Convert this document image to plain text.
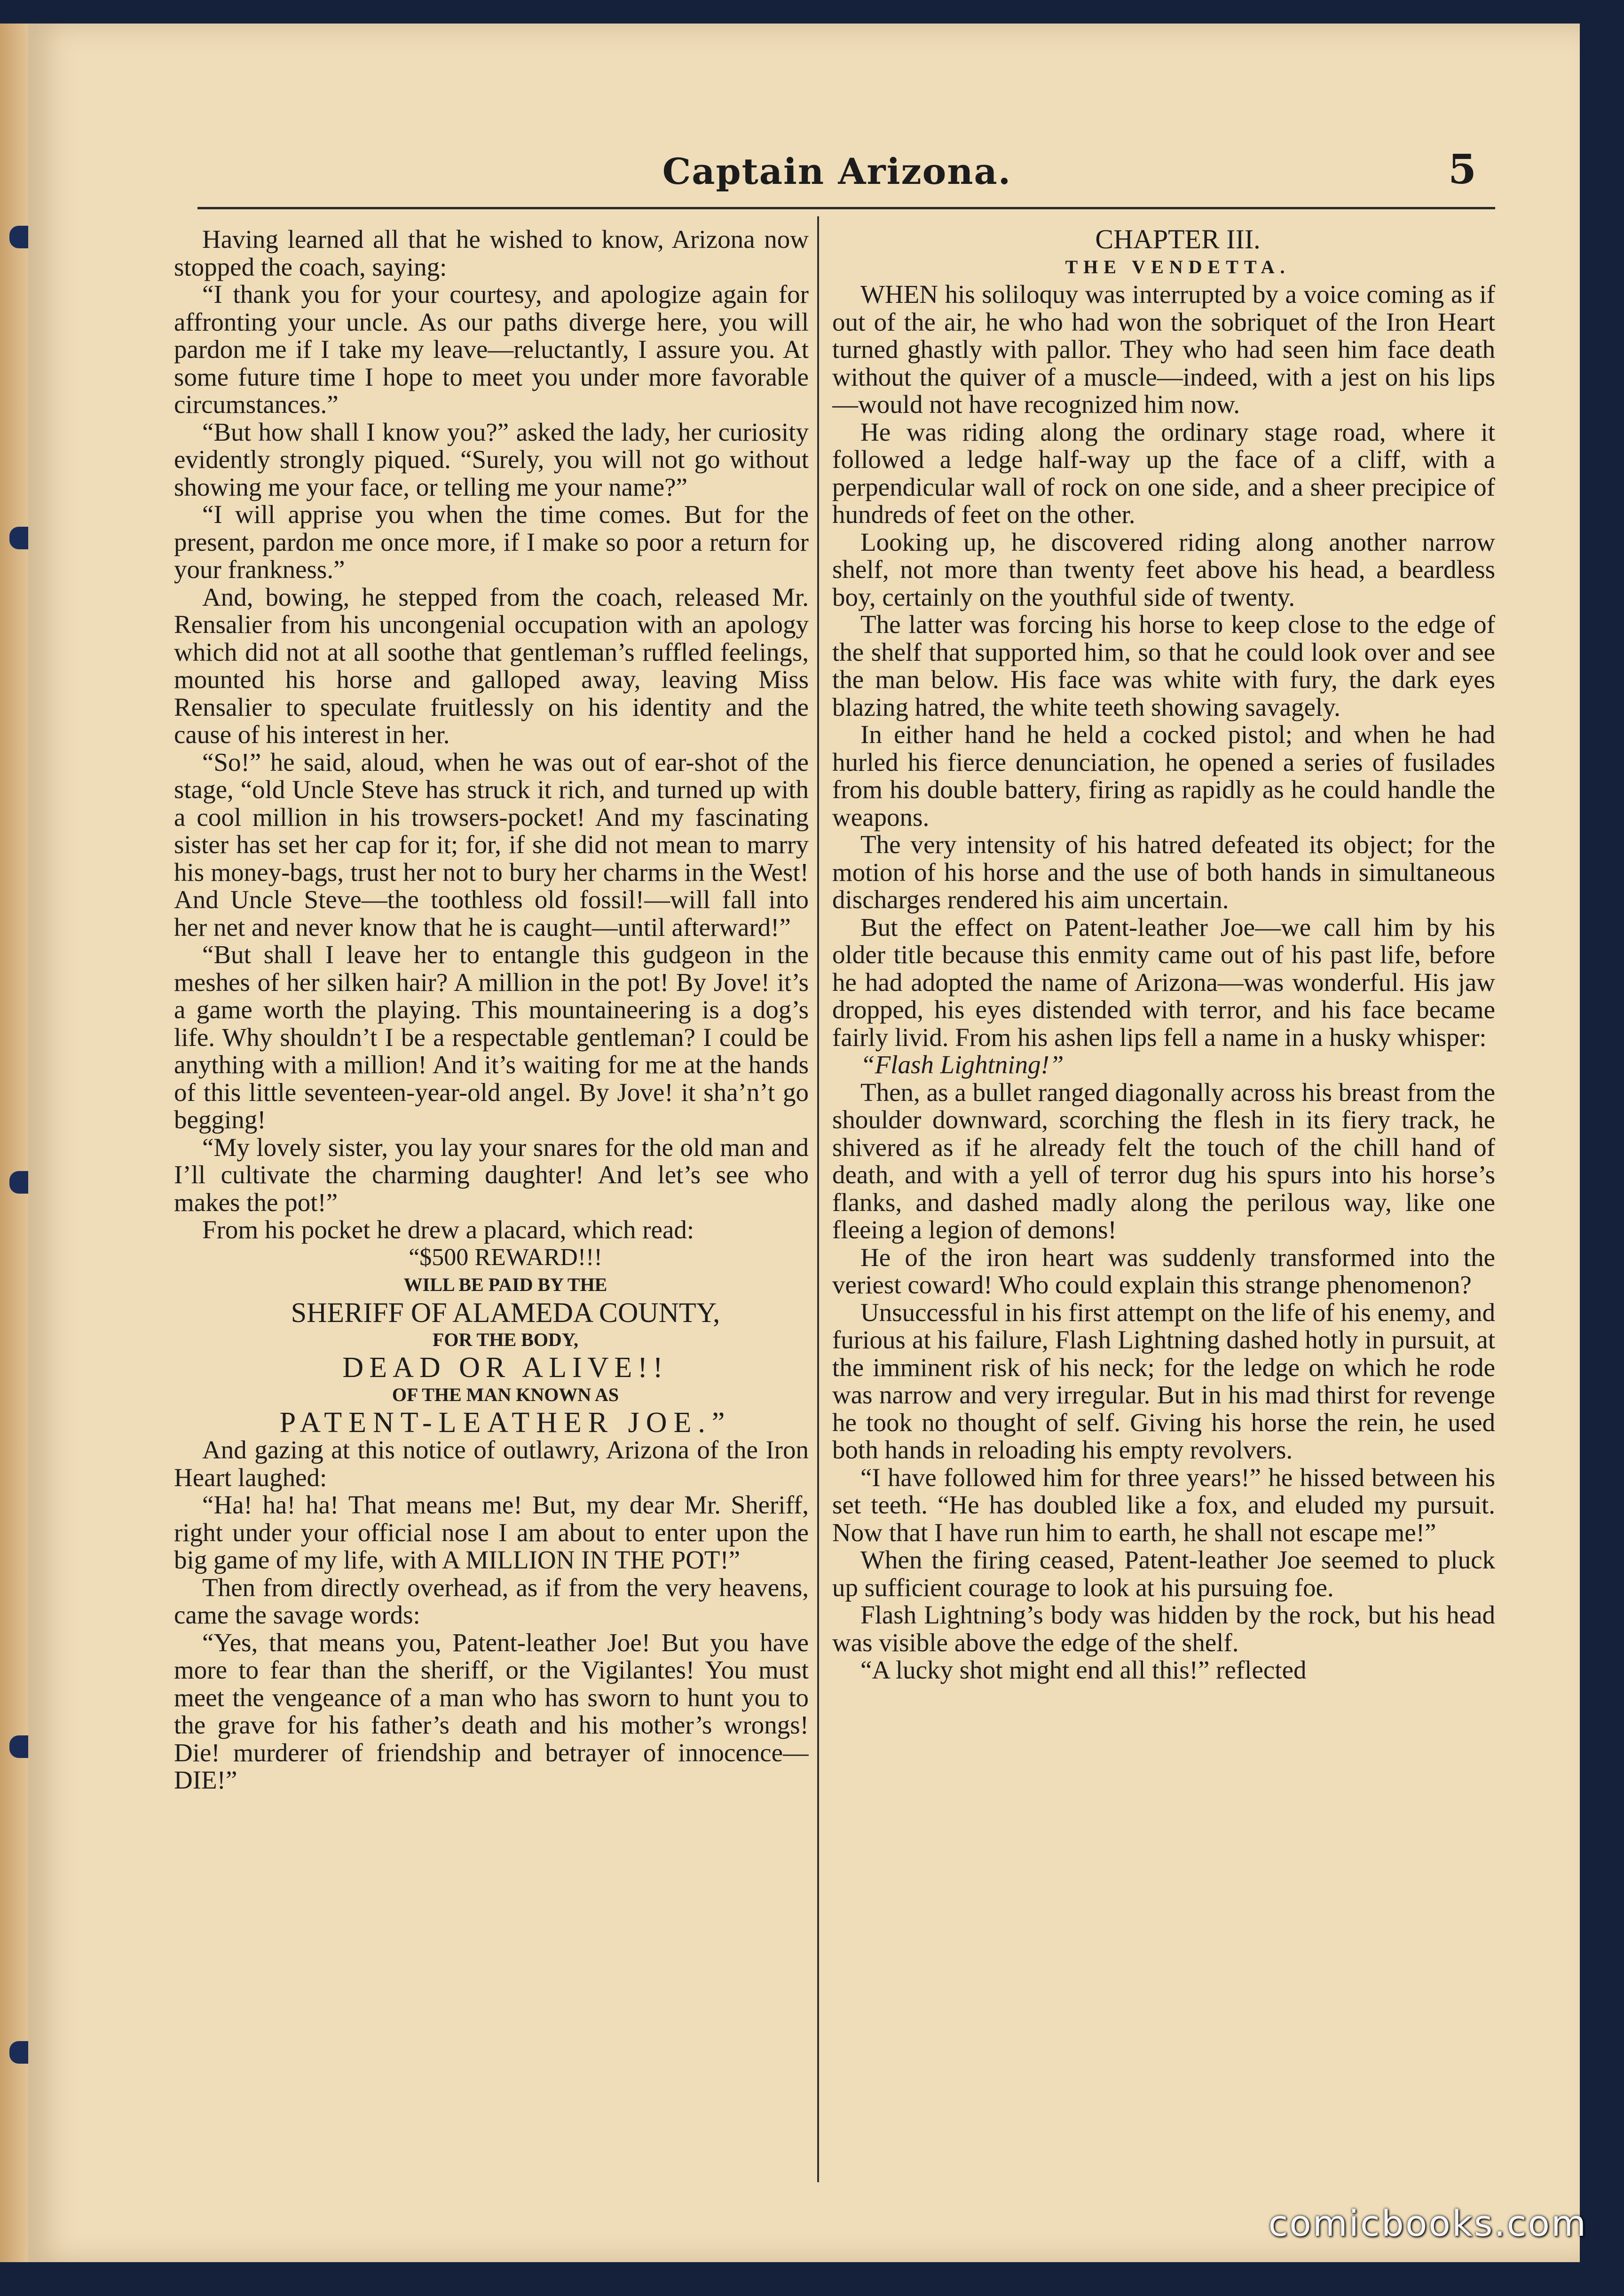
Captain Arizona.	5

Having learned all that he wished to know, Arizona now stopped the coach, saying:

“I thank you for your courtesy, and apologize again for affronting your uncle. As our paths diverge here, you will pardon me if I take my leave—reluctantly, I assure you. At some future time I hope to meet you under more favorable circumstances.”

“But how shall I know you?” asked the lady, her curiosity evidently strongly piqued. “Surely, you will not go without showing me your face, or telling me your name?”

“I will apprise you when the time comes. But for the present, pardon me once more, if I make so poor a return for your frankness.”

And, bowing, he stepped from the coach, released Mr. Rensalier from his uncongenial occupation with an apology which did not at all soothe that gentleman’s ruffled feelings, mounted his horse and galloped away, leaving Miss Rensalier to speculate fruitlessly on his identity and the cause of his interest in her.

“So!” he said, aloud, when he was out of ear-shot of the stage, “old Uncle Steve has struck it rich, and turned up with a cool million in his trowsers-pocket! And my fascinating sister has set her cap for it; for, if she did not mean to marry his money-bags, trust her not to bury her charms in the West! And Uncle Steve—the toothless old fossil!—will fall into her net and never know that he is caught—until afterward!”

“But shall I leave her to entangle this gudgeon in the meshes of her silken hair? A million in the pot! By Jove! it’s a game worth the playing. This mountaineering is a dog’s life. Why shouldn’t I be a respectable gentleman? I could be anything with a million! And it’s waiting for me at the hands of this little seventeen-year-old angel. By Jove! it sha’n’t go begging!

“My lovely sister, you lay your snares for the old man and I’ll cultivate the charming daughter! And let’s see who makes the pot!”

From his pocket he drew a placard, which read:

“$500 REWARD!!!

WILL BE PAID BY THE

SHERIFF OF ALAMEDA COUNTY,

FOR THE BODY,

DEAD OR ALIVE!!

OF THE MAN KNOWN AS

PATENT-LEATHER JOE.”

And gazing at this notice of outlawry, Arizona of the Iron Heart laughed:

“Ha! ha! ha! That means me! But, my dear Mr. Sheriff, right under your official nose I am about to enter upon the big game of my life, with A MILLION IN THE POT!”

Then from directly overhead, as if from the very heavens, came the savage words:

“Yes, that means you, Patent-leather Joe! But you have more to fear than the sheriff, or the Vigilantes! You must meet the vengeance of a man who has sworn to hunt you to the grave for his father’s death and his mother’s wrongs! Die! murderer of friendship and betrayer of innocence—DIE!”

CHAPTER III.

THE VENDETTA.

WHEN his soliloquy was interrupted by a voice coming as if out of the air, he who had won the sobriquet of the Iron Heart turned ghastly with pallor. They who had seen him face death without the quiver of a muscle—indeed, with a jest on his lips—would not have recognized him now.

He was riding along the ordinary stage road, where it followed a ledge half-way up the face of a cliff, with a perpendicular wall of rock on one side, and a sheer precipice of hundreds of feet on the other.

Looking up, he discovered riding along another narrow shelf, not more than twenty feet above his head, a beardless boy, certainly on the youthful side of twenty.

The latter was forcing his horse to keep close to the edge of the shelf that supported him, so that he could look over and see the man below. His face was white with fury, the dark eyes blazing hatred, the white teeth showing savagely.

In either hand he held a cocked pistol; and when he had hurled his fierce denunciation, he opened a series of fusilades from his double battery, firing as rapidly as he could handle the weapons.

The very intensity of his hatred defeated its object; for the motion of his horse and the use of both hands in simultaneous discharges rendered his aim uncertain.

But the effect on Patent-leather Joe—we call him by his older title because this enmity came out of his past life, before he had adopted the name of Arizona—was wonderful. His jaw dropped, his eyes distended with terror, and his face became fairly livid. From his ashen lips fell a name in a husky whisper:

“Flash Lightning!”

Then, as a bullet ranged diagonally across his breast from the shoulder downward, scorching the flesh in its fiery track, he shivered as if he already felt the touch of the chill hand of death, and with a yell of terror dug his spurs into his horse’s flanks, and dashed madly along the perilous way, like one fleeing a legion of demons!

He of the iron heart was suddenly transformed into the veriest coward! Who could explain this strange phenomenon?

Unsuccessful in his first attempt on the life of his enemy, and furious at his failure, Flash Lightning dashed hotly in pursuit, at the imminent risk of his neck; for the ledge on which he rode was narrow and very irregular. But in his mad thirst for revenge he took no thought of self. Giving his horse the rein, he used both hands in reloading his empty revolvers.

“I have followed him for three years!” he hissed between his set teeth. “He has doubled like a fox, and eluded my pursuit. Now that I have run him to earth, he shall not escape me!”

When the firing ceased, Patent-leather Joe seemed to pluck up sufficient courage to look at his pursuing foe.

Flash Lightning’s body was hidden by the rock, but his head was visible above the edge of the shelf.

“A lucky shot might end all this!” reflected

comicbooks.com
